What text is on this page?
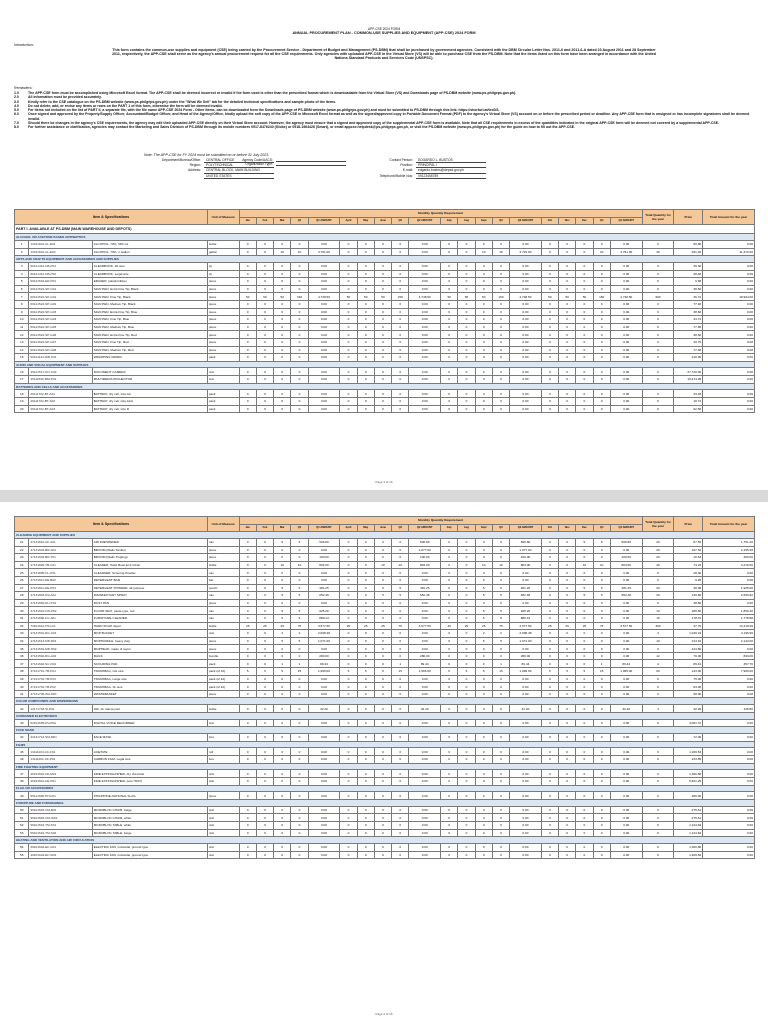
APP-CSE 2024 FORM
ANNUAL PROCUREMENT PLAN - COMMON-USE SUPPLIES AND EQUIPMENT (APP-CSE) 2024 FORM
Introduction:
This form contains the common-use supplies and equipment (CSE) being carried by the Procurement Service - Department of Budget and Management (PS-DBM) that shall be purchased by government agencies. Consistent with the DBM Circular Letter Nos. 2011-6 and 2011-6-A dated 23 August 2011 and 28 September 2011, respectively, the APP-CSE shall serve as the agency's annual procurement request for all the CSE requirements. Only agencies with uploaded APP-CSE in the Virtual Store (VS) will be able to purchase CSE from the PS-DBM. Note that the items listed on this form have been arranged in accordance with the United Nations Standard Products and Services Code (UNSPSC).
Reminders:
1.0	The APP-CSE form must be accomplished using Microsoft Excel format. The APP-CSE shall be deemed incorrect or invalid if the form used is other than the prescribed format which is downloadable from the Virtual Store (VS) and Downloads page of PS-DBM website (www.ps-philgeps.gov.ph).
2.0	All information must be provided accurately.
3.0	Kindly refer to the CSE catalogue on the PS-DBM website (www.ps-philgeps.gov.ph) under the "What We Sell" tab for the detailed technical specifications and sample photo of the items.
4.0	Do not delete, add, or revise any items or rows on the PART 1 of this form, otherwise the form will be deemed invalid.
5.0	For items not included on the list of PART II, a separate file, with the file name APP-CSE 2024 Form - Other Items, can be downloaded from the Downloads page of PS-DBM website (www.ps-philgeps.gov.ph) and must be submitted to PS-DBM through this link: https://shorturl.at/texDS.
6.0	Once signed and approved by the Property/Supply Officer, Accountant/Budget Officer, and Head of the Agency/Office, kindly upload the soft copy of the APP-CSE in Microsoft Excel format as well as the signed/approved copy in Portable Document Format (PDF) to the agency's Virtual Store (VS) account on or before the prescribed period or deadline. Any APP-CSE form that is unsigned or has incomplete signatures shall be deemed invalid.
7.0	Should there be changes in the agency's CSE requirements, the agency may edit their uploaded APP-CSE directly on their Virtual Store account. However, the agency must ensure that a signed and approved copy of the supplemental APP-CSE form is available. Note that all CSE requirements in excess of the quantities indicated in the original APP-CSE form will be deemed not covered by a supplemental APP-CSE.
8.0	For further assistance or clarification, agencies may contact the Marketing and Sales Division of PS-DBM through its mobile numbers 0917-8476240 (Globe) or 0918-1964426 (Smart), or email appcse.helpdesk@ps-philgeps.gov.ph, or visit the PS-DBM website (www.ps-philgeps.gov.ph) for the guide on how to fill out the APP-CSE.
Note: The APP-CSE for FY 2024 must be submitted on or before 31 July 2023.
Department/Bureau/Office:	CENTRAL OFFICE
Region:	POLYTECHNICAL
Address:	CENTRAL BLOCK, MAIN BUILDING
UNITED STATES
Agency Code/UACS:
Organization Type:
Contact Person:	EDGARDO L. BUSTOS
Position:	PRINCIPAL I
E-mail:	edgardo.bustos@deped.gov.ph
Telephone/Mobile Nos:	09123456789
Item & Specifications			Unit of Measure	Monthly Quantity Requirement																				Total Quantity for the year	Price	Total Amount for the year
				Jan	Feb	Mar	Q1	Q1 AMOUNT	April	May	June	Q2	Q2 AMOUNT	July	Aug	Sept	Q3	Q3 AMOUNT	Oct	Nov	Dec	Q4	Q4 AMOUNT			
PART I. AVAILABLE AT PS-DBM (MAIN WAREHOUSE AND DEPOTS)																										
ALCOHOL OR ACETONE BASED ANTISEPTICS																										
1	12191601-AL-E01	ALCOHOL, 70%, 500 mL	bottle	0	0	0	0	0.00	0	0	0	0	0.00	0	0	0	0	0.00	0	0	0	0	0.00	0	59.80	0.00
2	12191601-AL-E03	ALCOHOL, 70%, 1 Gallon	gallon	0	0	10	10	3,791.00	0	0	0	0	0.00	0	0	10	10	3,791.00	0	0	0	10	3,791.00	30	391.20	11,373.00
ARTS AND CRAFTS EQUIPMENT AND ACCESSORIES AND SUPPLIES																										
3	60121413-CB-P01	CLEARBOOK, 20 sets	pc	0	0	0	0	0.00	0	0	0	0	0.00	0	0	0	0	0.00	0	0	0	0	0.00	0	35.36	0.00
4	60121413-CB-P02	CLEARBOOK, Legal size	pc	0	0	0	0	0.00	0	0	0	0	0.00	0	0	0	0	0.00	0	0	0	0	0.00	0	38.48	0.00
5	60121534-ER-P01	ERASER, plastic/rubber	piece	0	0	0	0	0.00	0	0	0	0	0.00	0	0	0	0	0.00	0	0	0	0	0.00	0	9.98	0.00
6	60121524-SP-G01	SIGN PEN, Extra Fine Tip, Black	piece	0	0	0	0	0.00	0	0	0	0	0.00	0	0	0	0	0.00	0	0	0	0	0.00	0	38.60	0.00
7	60121524-SP-G01	SIGN PEN, Fine Tip, Black	piece	50	50	50	150	4,748.50	50	50	50	150	4,748.50	50	50	50	150	4,748.50	50	50	50	150	4,748.50	600	36.72	18,994.00
8	60121524-SP-G02	SIGN PEN, Medium Tip, Black	piece	0	0	0	0	0.00	0	0	0	0	0.00	0	0	0	0	0.00	0	0	0	0	0.00	0	77.48	0.00
9	60121524-SP-G03	SIGN PEN, Extra Fine Tip, Blue	piece	0	0	0	0	0.00	0	0	0	0	0.00	0	0	0	0	0.00	0	0	0	0	0.00	0	38.60	0.00
10	60121524-SP-G04	SIGN PEN, Fine Tip, Blue	piece	0	0	0	0	0.00	0	0	0	0	0.00	0	0	0	0	0.00	0	0	0	0	0.00	0	44.72	0.00
11	60121524-SP-G05	SIGN PEN, Medium Tip, Blue	piece	0	0	0	0	0.00	0	0	0	0	0.00	0	0	0	0	0.00	0	0	0	0	0.00	0	77.48	0.00
12	60121524-SP-G06	SIGN PEN, Extra Fine Tip, Red	piece	0	0	0	0	0.00	0	0	0	0	0.00	0	0	0	0	0.00	0	0	0	0	0.00	0	38.60	0.00
13	60121524-SP-G07	SIGN PEN, Fine Tip, Red	piece	0	0	0	0	0.00	0	0	0	0	0.00	0	0	0	0	0.00	0	0	0	0	0.00	0	39.76	0.00
14	60121524-SP-G08	SIGN PEN, Medium Tip, Red	piece	0	0	0	0	0.00	0	0	0	0	0.00	0	0	0	0	0.00	0	0	0	0	0.00	0	77.48	0.00
15	60121124-WR-P01	WRAPPING PAPER	pack	0	0	0	0	0.00	0	0	0	0	0.00	0	0	0	0	0.00	0	0	0	0	0.00	0	216.00	0.00
AUDIO AND VISUAL EQUIPMENT AND SUPPLIES																										
16	45121517-DO-C02	DOCUMENT CAMERA	unit	0	0	0	0	0.00	0	0	0	0	0.00	0	0	0	0	0.00	0	0	0	0	0.00	0	27,720.00	0.00
17	45111609-MM-P01	MULTIMEDIA PROJECTOR	unit	0	0	0	0	0.00	0	0	0	0	0.00	0	0	0	0	0.00	0	0	0	0	0.00	0	16,474.00	0.00
BATTERIES AND CELLS AND ACCESSORIES																										
18	26111702-BT-A01	BATTERY, dry cell, size AA	pack	0	0	0	0	0.00	0	0	0	0	0.00	0	0	0	0	0.00	0	0	0	0	0.00	0	33.93	0.00
19	26111702-BT-A02	BATTERY, dry cell, size AAA	pack	0	0	0	0	0.00	0	0	0	0	0.00	0	0	0	0	0.00	0	0	0	0	0.00	0	18.72	0.00
20	26111702-BT-A03	BATTERY, dry cell, size D	pack	0	0	0	0	0.00	0	0	0	0	0.00	0	0	0	0	0.00	0	0	0	0	0.00	0	92.56	0.00
Page 1 of 16
Item & Specifications			Unit of Measure	Monthly Quantity Requirement																				Total Quantity for the year	Price	Total Amount for the year
				Jan	Feb	Mar	Q1	Q1 AMOUNT	April	May	June	Q2	Q2 AMOUNT	July	Aug	Sept	Q3	Q3 AMOUNT	Oct	Nov	Dec	Q4	Q4 AMOUNT			
CLEANING EQUIPMENT AND SUPPLIES																										
21	47131812-AF-A01	AIR FRESHENER	can	0	0	5	5	506.80	0	0	0	0	506.80	0	0	0	0	506.80	0	0	5	5	506.80	20	87.56	1,751.20
22	47131604-BR-S01	BROOM (Walis Tambo)	piece	0	0	0	0	0.00	0	0	0	0	1,077.60	0	0	0	0	1,077.60	0	0	0	0	0.00	20	107.52	2,155.20
23	47131604-BR-T01	BROOM (Walis Tingting)	piece	0	0	0	0	100.00	0	0	0	0	100.00	0	0	0	0	100.00	0	0	0	0	100.00	20	19.63	400.00
24	47131829-TB-C01	CLEANER, Toilet Bowl and Urinal	bottle	0	0	10	10	804.00	0	0	10	10	804.00	0	0	10	10	804.00	0	0	10	10	804.00	40	74.22	3,216.00
25	47131805-CL-P01	CLEANSER, Scouring Powder	can	0	0	0	0	0.00	0	0	0	0	0.00	0	0	0	0	0.00	0	0	0	0	0.00	0	28.00	0.00
26	47131811-DE-B02	DETERGENT BAR	bar	0	0	0	0	0.00	0	0	0	0	0.00	0	0	0	0	0.00	0	0	0	0	0.00	0	9.28	0.00
27	47131811-DE-P03	DETERGENT POWDER, all purpose	pouch	0	0	5	5	481.25	0	0	5	5	481.25	0	0	5	5	481.25	0	0	5	5	481.25	20	48.08	1,925.00
28	47131803-DS-A01	DISINFECTANT SPRAY	can	0	0	5	5	652.48	0	0	5	5	652.48	0	0	5	5	652.48	0	0	5	5	652.48	20	130.80	2,609.92
29	47131802-DU-P01	DUST PAN	piece	0	0	0	0	0.00	0	0	0	0	0.00	0	0	0	0	0.00	0	0	0	0	0.00	0	38.80	0.00
30	47131601-FW-P02	FLOOR WAX, paste type, red	can	0	0	5	5	925.20	0	0	0	0	0.00	0	0	5	5	925.20	0	0	0	0	0.00	10	185.56	1,850.40
31	47131830-FC-A01	FURNITURE CLEANER	can	0	0	5	5	889.44	0	0	0	0	0.00	0	0	5	5	889.44	0	0	0	0	0.00	10	178.72	1,778.88
32	73101612-HS-L01	HAND SOAP, liquid	bottle	25	25	25	75	3,577.50	25	25	25	75	3,577.50	25	25	25	75	3,577.50	25	25	25	75	3,577.50	300	47.70	14,310.00
33	47131501-RG-C01	MOP BUCKET	unit	0	0	2	2	2,098.48	0	0	0	0	0.00	0	0	2	2	2,098.48	0	0	0	0	0.00	4	1,049.24	4,196.96
34	47131613-MP-R01	MOPHANDLE, heavy duty	piece	0	0	5	5	1,071.00	0	0	0	0	0.00	0	0	5	5	1,071.00	0	0	0	0	0.00	10	214.16	2,142.00
35	47131619-MP-H02	MOPHEAD, made of rayon	piece	0	0	0	0	0.00	0	0	0	0	0.00	0	0	0	0	0.00	0	0	0	0	0.00	0	124.80	0.00
36	47131502-RG-A01	RAGS	bundle	0	0	0	0	280.00	0	0	0	0	280.00	0	0	0	0	280.00	0	0	0	0	0.00	12	70.00	840.00
37	47131602-SC-N01	SCOURING PAD	pack	0	0	1	1	89.44	0	0	0	1	89.44	0	0	0	1	89.44	0	0	0	1	89.44	4	89.44	357.76
38	47121701-TB-P04	TRASHBAG, GG size	pack (of 10)	5	5	5	15	1,995.00	5	5	5	15	1,995.00	5	5	5	15	1,995.00	5	5	5	15	1,995.00	60	133.00	7,980.00
39	47121701-TB-P03	TRASHBAG, Large size	pack (of 10)	0	0	0	0	0.00	0	0	0	0	0.00	0	0	0	0	0.00	0	0	0	0	0.00	0	75.00	0.00
40	47121701-TB-P02	TRASHBAG, XL size	pack (of 10)	0	0	0	0	0.00	0	0	0	0	0.00	0	0	0	0	0.00	0	0	0	0	0.00	0	84.00	0.00
41	47131706-WA-D01	WASTEBASKET	piece	0	0	0	0	0.00	0	0	0	0	0.00	0	0	0	0	0.00	0	0	0	0	0.00	0	58.00	0.00
COLOR COMPOUNDS AND DISPERSIONS																										
42	12171703-SI-P01	INK, for stamp pad	bottle	0	0	0	0	32.20	0	0	0	0	32.20	0	0	0	0	32.20	0	0	0	0	32.20	4	32.20	128.80
CONSUMER ELECTRONICS																										
43	52161535-DV-R01	DIGITAL VOICE RECORDER	unit	0	0	0	0	0.00	0	0	0	0	0.00	0	0	0	0	0.00	0	0	0	0	0.00	0	4,001.72	0.00
FACE MASK																										
44	42131713-SM-M01	FACE MASK	box	0	0	0	0	0.00	0	0	0	0	0.00	0	0	0	0	0.00	0	0	0	0	0.00	0	72.00	0.00
FILMS																										
45	13111203-AC-F01	ACETATE	roll	0	0	0	0	0.00	0	0	0	0	0.00	0	0	0	0	0.00	0	0	0	0	0.00	0	1,189.53	0.00
46	13111201-CF-P01	CARBON FILM, Legal size	box	0	0	0	0	0.00	0	0	0	0	0.00	0	0	0	0	0.00	0	0	0	0	0.00	0	233.85	0.00
FIRE FIGHTING EQUIPMENT																										
47	46191601-FE-M01	FIRE EXTINGUISHER, dry chemical	unit	0	0	0	0	0.00	0	0	0	0	0.00	0	0	0	0	0.00	0	0	0	0	0.00	0	1,396.86	0.00
48	46191601-FE-H01	FIRE EXTINGUISHER, pure HCFC	unit	0	0	0	0	0.00	0	0	0	0	0.00	0	0	0	0	0.00	0	0	0	0	0.00	0	5,621.25	0.00
FLAG OR ACCESSORIES																										
49	55121905-PH-F01	PHILIPPINE NATIONAL FLAG	piece	0	0	0	0	0.00	0	0	0	0	0.00	0	0	0	0	0.00	0	0	0	0	0.00	0	286.00	0.00
FURNITURE AND FURNISHINGS																										
50	56101504-CM-B01	MONOBLOC CHAIR, beige	unit	0	0	0	0	0.00	0	0	0	0	0.00	0	0	0	0	0.00	0	0	0	0	0.00	0	275.61	0.00
51	56101504-CM-W01	MONOBLOC CHAIR, white	unit	0	0	0	0	0.00	0	0	0	0	0.00	0	0	0	0	0.00	0	0	0	0	0.00	0	275.61	0.00
52	56101519-TM-S01	MONOBLOC TABLE, white	unit	0	0	0	0	0.00	0	0	0	0	0.00	0	0	0	0	0.00	0	0	0	0	0.00	0	1,144.84	0.00
53	56101519-TM-S02	MONOBLOC TABLE, beige	unit	0	0	0	0	0.00	0	0	0	0	0.00	0	0	0	0	0.00	0	0	0	0	0.00	0	1,144.84	0.00
HEATING AND VENTILATION AND AIR CIRCULATION																										
54	40101604-EF-G01	ELECTRIC FAN, industrial, ground type	unit	0	0	0	0	0.00	0	0	0	0	0.00	0	0	0	0	0.00	0	0	0	0	0.00	0	1,306.80	0.00
55	40101604-EF-W01	ELECTRIC FAN, industrial, ground type	unit	0	0	0	0	0.00	0	0	0	0	0.00	0	0	0	0	0.00	0	0	0	0	0.00	0	1,469.84	0.00
Page 2 of 16
